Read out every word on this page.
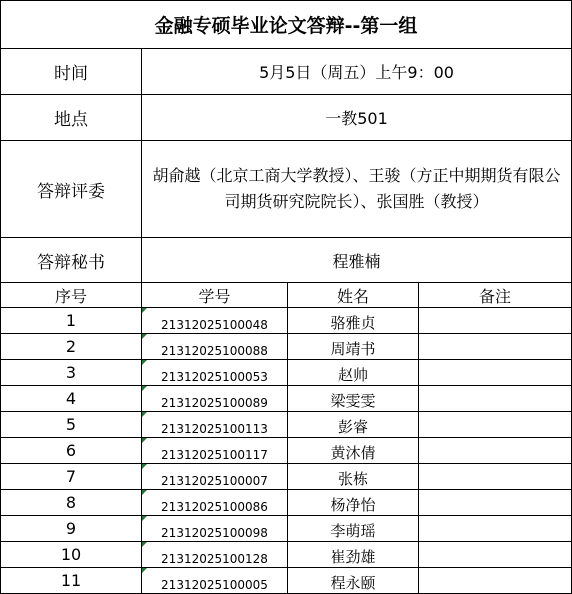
金融专硕毕业论文答辩--第一组			
时间	5月5日（周五）上午9：00		
地点	一教501		
答辩评委	胡俞越（北京工商大学教授）、王骏（方正中期期货有限公司期货研究院院长）、张国胜（教授）		
答辩秘书	程雅楠		
序号	学号	姓名	备注
1	21312025100048	骆雅贞	
2	21312025100088	周靖书	
3	21312025100053	赵帅	
4	21312025100089	梁雯雯	
5	21312025100113	彭睿	
6	21312025100117	黄沐倩	
7	21312025100007	张栋	
8	21312025100086	杨净怡	
9	21312025100098	李萌瑶	
10	21312025100128	崔劲雄	
11	21312025100005	程永颐	
